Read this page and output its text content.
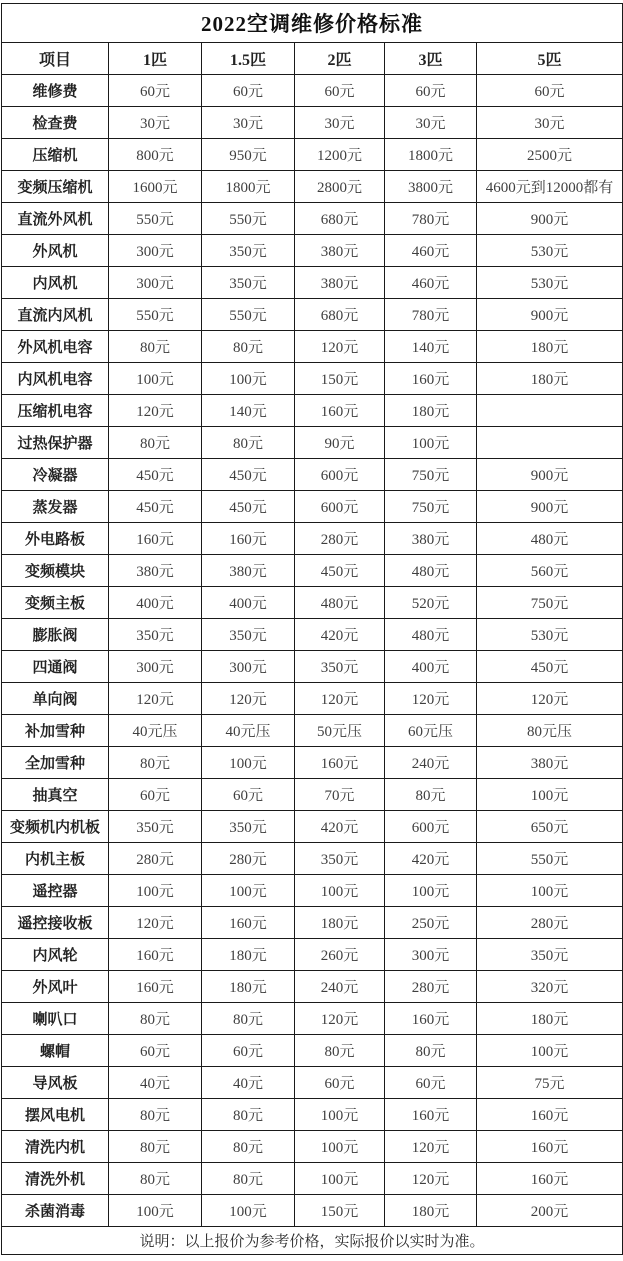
2022空调维修价格标准					
项目	1匹	1.5匹	2匹	3匹	5匹
维修费	60元	60元	60元	60元	60元
检查费	30元	30元	30元	30元	30元
压缩机	800元	950元	1200元	1800元	2500元
变频压缩机	1600元	1800元	2800元	3800元	4600元到12000都有
直流外风机	550元	550元	680元	780元	900元
外风机	300元	350元	380元	460元	530元
内风机	300元	350元	380元	460元	530元
直流内风机	550元	550元	680元	780元	900元
外风机电容	80元	80元	120元	140元	180元
内风机电容	100元	100元	150元	160元	180元
压缩机电容	120元	140元	160元	180元	
过热保护器	80元	80元	90元	100元	
冷凝器	450元	450元	600元	750元	900元
蒸发器	450元	450元	600元	750元	900元
外电路板	160元	160元	280元	380元	480元
变频模块	380元	380元	450元	480元	560元
变频主板	400元	400元	480元	520元	750元
膨胀阀	350元	350元	420元	480元	530元
四通阀	300元	300元	350元	400元	450元
单向阀	120元	120元	120元	120元	120元
补加雪种	40元压	40元压	50元压	60元压	80元压
全加雪种	80元	100元	160元	240元	380元
抽真空	60元	60元	70元	80元	100元
变频机内机板	350元	350元	420元	600元	650元
内机主板	280元	280元	350元	420元	550元
遥控器	100元	100元	100元	100元	100元
遥控接收板	120元	160元	180元	250元	280元
内风轮	160元	180元	260元	300元	350元
外风叶	160元	180元	240元	280元	320元
喇叭口	80元	80元	120元	160元	180元
螺帽	60元	60元	80元	80元	100元
导风板	40元	40元	60元	60元	75元
摆风电机	80元	80元	100元	160元	160元
清洗内机	80元	80元	100元	120元	160元
清洗外机	80元	80元	100元	120元	160元
杀菌消毒	100元	100元	150元	180元	200元
说明：以上报价为参考价格，实际报价以实时为准。					
